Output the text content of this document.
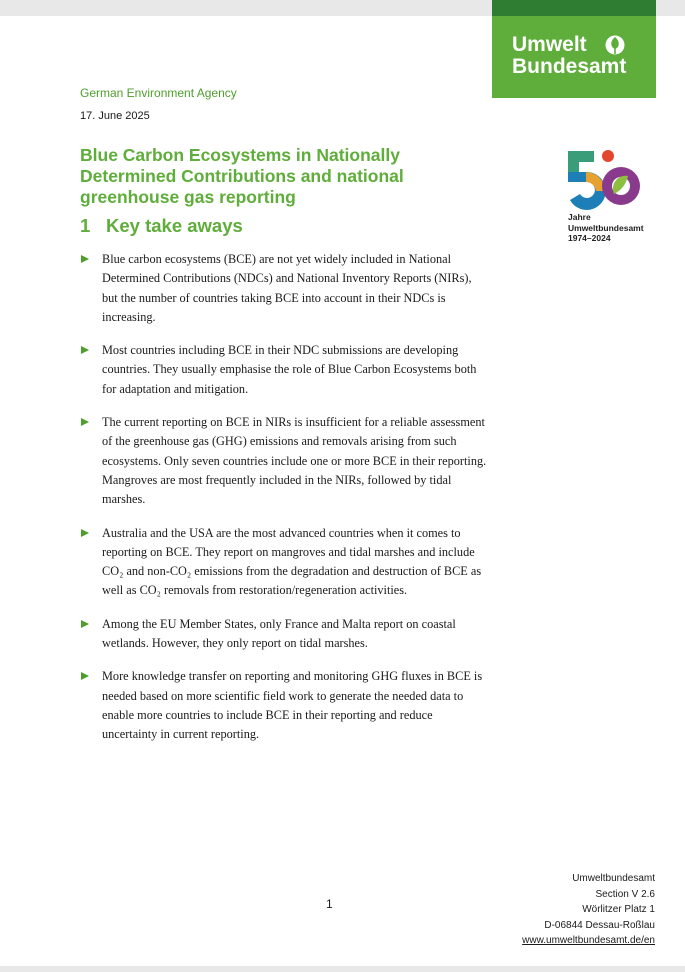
Umwelt
Bundesamt
German Environment Agency
17. June 2025
Blue Carbon Ecosystems in Nationally Determined Contributions and national greenhouse gas reporting
1 Key take aways	Jahre
Umweltbundesamt
1974–2024
Blue carbon ecosystems (BCE) are not yet widely included in National Determined Contributions (NDCs) and National Inventory Reports (NIRs), but the number of countries taking BCE into account in their NDCs is increasing.
Most countries including BCE in their NDC submissions are developing countries. They usually emphasise the role of Blue Carbon Ecosystems both for adaptation and mitigation.
The current reporting on BCE in NIRs is insufficient for a reliable assessment of the greenhouse gas (GHG) emissions and removals arising from such ecosystems. Only seven countries include one or more BCE in their reporting. Mangroves are most frequently included in the NIRs, followed by tidal marshes.
Australia and the USA are the most advanced countries when it comes to reporting on BCE. They report on mangroves and tidal marshes and include CO₂ and non-CO₂ emissions from the degradation and destruction of BCE as well as CO₂ removals from restoration/regeneration activities.
Among the EU Member States, only France and Malta report on coastal wetlands. However, they only report on tidal marshes.
More knowledge transfer on reporting and monitoring GHG fluxes in BCE is needed based on more scientific field work to generate the needed data to enable more countries to include BCE in their reporting and reduce uncertainty in current reporting.
1
Umweltbundesamt
Section V 2.6
Wörlitzer Platz 1
D-06844 Dessau-Roßlau
www.umweltbundesamt.de/en
